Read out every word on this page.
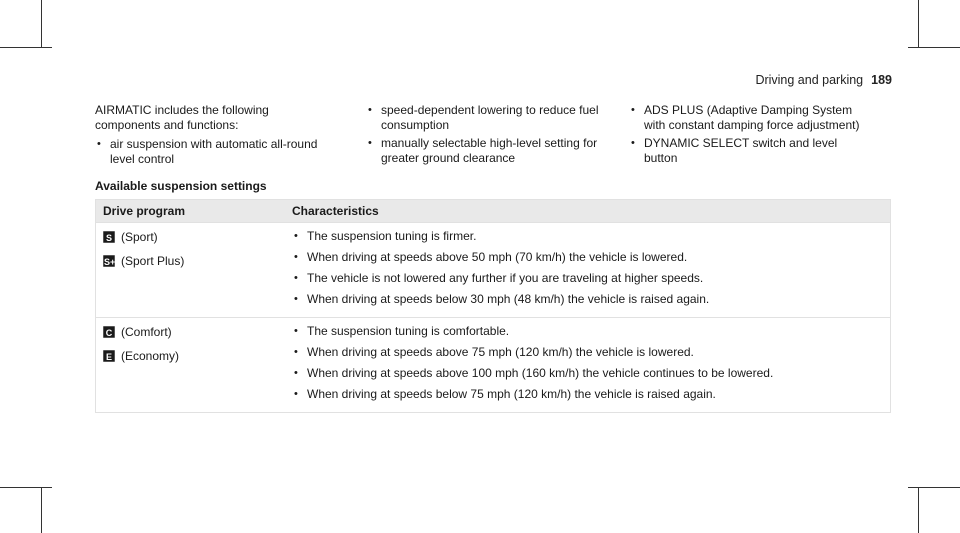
Driving and parking 189

AIRMATIC includes the following components and functions:

• air suspension with automatic all-round level control
• speed-dependent lowering to reduce fuel consumption
• manually selectable high-level setting for greater ground clearance
• ADS PLUS (Adaptive Damping System with constant damping force adjustment)
• DYNAMIC SELECT switch and level button
Available suspension settings
Drive program	Characteristics
S (Sport)
S+ (Sport Plus)
• The suspension tuning is firmer.
• When driving at speeds above 50 mph (70 km/h) the vehicle is lowered.
• The vehicle is not lowered any further if you are traveling at higher speeds.
• When driving at speeds below 30 mph (48 km/h) the vehicle is raised again.
C (Comfort)
E (Economy)
• The suspension tuning is comfortable.
• When driving at speeds above 75 mph (120 km/h) the vehicle is lowered.
• When driving at speeds above 100 mph (160 km/h) the vehicle continues to be lowered.
• When driving at speeds below 75 mph (120 km/h) the vehicle is raised again.
